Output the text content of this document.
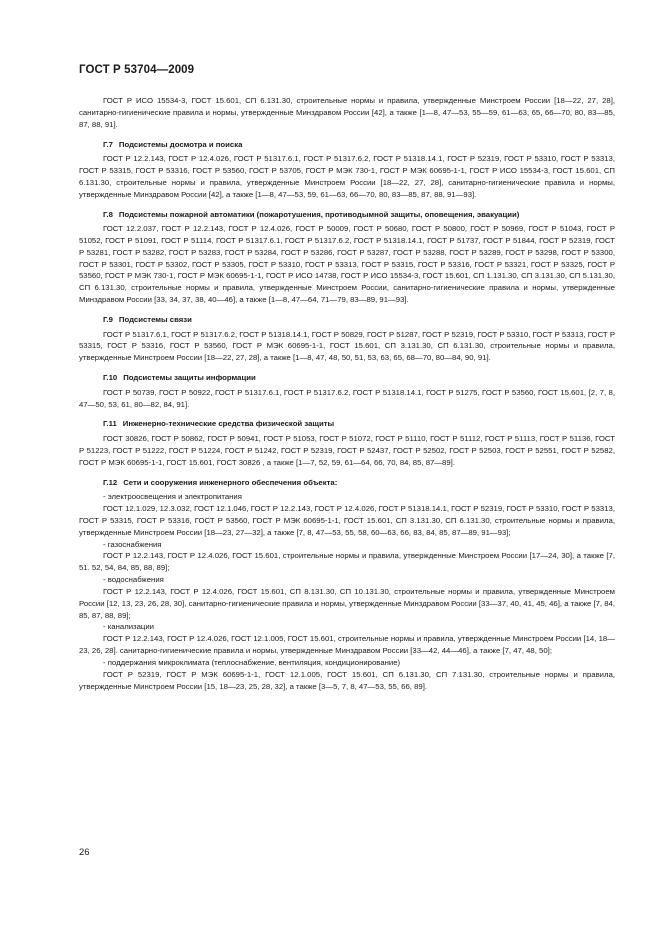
ГОСТ Р 53704—2009

ГОСТ Р ИСО 15534-3, ГОСТ 15.601, СП 6.131.30, строительные нормы и правила, утвержденные Минстроем России [18—22, 27, 28], санитарно-гигиенические правила и нормы, утвержденные Минздравом России [42], а также [1—8, 47—53, 55—59, 61—63, 65, 66—70, 80, 83—85, 87, 88, 91].

Г.7 Подсистемы досмотра и поиска

ГОСТ Р 12.2.143, ГОСТ Р 12.4.026, ГОСТ Р 51317.6.1, ГОСТ Р 51317.6.2, ГОСТ Р 51318.14.1, ГОСТ Р 52319, ГОСТ Р 53310, ГОСТ Р 53313, ГОСТ Р 53315, ГОСТ Р 53316, ГОСТ Р 53560, ГОСТ Р 53705, ГОСТ Р МЭК 730-1, ГОСТ Р МЭК 60695-1-1, ГОСТ Р ИСО 15534-3, ГОСТ 15.601, СП 6.131.30, строительные нормы и правила, утвержденные Минстроем России [18—22, 27, 28], санитарно-гигиенические правила и нормы, утвержденные Минздравом России [42], а также [1—8, 47—53, 59, 61—63, 66—70, 80, 83—85, 87, 88, 91—93].

Г.8 Подсистемы пожарной автоматики (пожаротушения, противодымной защиты, оповещения, эвакуации)

ГОСТ 12.2.037, ГОСТ Р 12.2.143, ГОСТ Р 12.4.026, ГОСТ Р 50009, ГОСТ Р 50680, ГОСТ Р 50800, ГОСТ Р 50969, ГОСТ Р 51043, ГОСТ Р 51052, ГОСТ Р 51091, ГОСТ Р 51114, ГОСТ Р 51317.6.1, ГОСТ Р 51317.6.2, ГОСТ Р 51318.14.1, ГОСТ Р 51737, ГОСТ Р 51844, ГОСТ Р 52319, ГОСТ Р 53281, ГОСТ Р 53282, ГОСТ Р 53283, ГОСТ Р 53284, ГОСТ Р 53286, ГОСТ Р 53287, ГОСТ Р 53288, ГОСТ Р 53289, ГОСТ Р 53298, ГОСТ Р 53300, ГОСТ Р 53301, ГОСТ Р 53302, ГОСТ Р 53305, ГОСТ Р 53310, ГОСТ Р 53313, ГОСТ Р 53315, ГОСТ Р 53316, ГОСТ Р 53321, ГОСТ Р 53325, ГОСТ Р 53560, ГОСТ Р МЭК 730-1, ГОСТ Р МЭК 60695-1-1, ГОСТ Р ИСО 14738, ГОСТ Р ИСО 15534-3, ГОСТ 15.601, СП 1.131.30, СП 3.131.30, СП 5.131.30, СП 6.131.30, строительные нормы и правила, утвержденные Минстроем России, санитарно-гигиенические правила и нормы, утвержденные Минздравом России [33, 34, 37, 38, 40—46], а также [1—8, 47—64, 71—79, 83—89, 91—93].

Г.9 Подсистемы связи

ГОСТ Р 51317.6.1, ГОСТ Р 51317.6.2, ГОСТ Р 51318.14.1, ГОСТ Р 50829, ГОСТ Р 51287, ГОСТ Р 52319, ГОСТ Р 53310, ГОСТ Р 53313, ГОСТ Р 53315, ГОСТ Р 53316, ГОСТ Р 53560, ГОСТ Р МЭК 60695-1-1, ГОСТ 15.601, СП 3.131.30, СП 6.131.30, строительные нормы и правила, утвержденные Минстроем России [18—22, 27, 28], а также [1—8, 47, 48, 50, 51, 53, 63, 65, 68—70, 80—84, 90, 91].

Г.10 Подсистемы защиты информации

ГОСТ Р 50739, ГОСТ Р 50922, ГОСТ Р 51317.6.1, ГОСТ Р 51317.6.2, ГОСТ Р 51318.14.1, ГОСТ Р 51275, ГОСТ Р 53560, ГОСТ 15.601, [2, 7, 8, 47—50, 53, 61, 80—82, 84, 91].

Г.11 Инженерно-технические средства физической защиты

ГОСТ 30826, ГОСТ Р 50862, ГОСТ Р 50941, ГОСТ Р 51053, ГОСТ Р 51072, ГОСТ Р 51110, ГОСТ Р 51112, ГОСТ Р 51113, ГОСТ Р 51136, ГОСТ Р 51223, ГОСТ Р 51222, ГОСТ Р 51224, ГОСТ Р 51242, ГОСТ Р 52319, ГОСТ Р 52437, ГОСТ Р 52502, ГОСТ Р 52503, ГОСТ Р 52551, ГОСТ Р 52582, ГОСТ Р МЭК 60695-1-1, ГОСТ 15.601, ГОСТ 30826 , а также [1—7, 52, 59, 61—64, 66, 70, 84, 85, 87—89].

Г.12 Сети и сооружения инженерного обеспечения объекта:

- электроосвещения и электропитания

ГОСТ 12.1.029, 12.3.032, ГОСТ 12.1.046, ГОСТ Р 12.2.143, ГОСТ Р 12.4.026, ГОСТ Р 51318.14.1, ГОСТ Р 52319, ГОСТ Р 53310, ГОСТ Р 53313, ГОСТ Р 53315, ГОСТ Р 53316, ГОСТ Р 53560, ГОСТ Р МЭК 60695-1-1, ГОСТ 15.601, СП 3.131.30, СП 6.131.30, строительные нормы и правила, утвержденные Минстроем России [18—23, 27—32], а также [7, 8, 47—53, 55, 58, 60—63, 66, 83, 84, 85, 87—89, 91—93];

- газоснабжения

ГОСТ Р 12.2.143, ГОСТ Р 12.4.026, ГОСТ 15.601, строительные нормы и правила, утвержденные Минстроем России [17—24, 30], а также [7, 51. 52, 54, 84, 85, 88, 89];

- водоснабжения

ГОСТ Р 12.2.143, ГОСТ Р 12.4.026, ГОСТ 15.601, СП 8.131.30, СП 10.131.30, строительные нормы и правила, утвержденные Минстроем России [12, 13, 23, 26, 28, 30], санитарно-гигиенические правила и нормы, утвержденные Минздравом России [33—37, 40, 41, 45, 46], а также [7, 84, 85, 87, 88, 89];

- канализации

ГОСТ Р 12.2.143, ГОСТ Р 12.4.026, ГОСТ 12.1.005, ГОСТ 15.601, строительные нормы и правила, утвержденные Минстроем России [14, 18—23, 26, 28]. санитарно-гигиенические правила и нормы, утвержденные Минздравом России [33—42, 44—46], а также [7, 47, 48, 50];

- поддержания микроклимата (теплоснабжение, вентиляция, кондиционирование)

ГОСТ Р 52319, ГОСТ Р МЭК 60695-1-1, ГОСТ 12.1.005, ГОСТ 15.601, СП 6.131.30, СП 7.131.30, строительные нормы и правила, утвержденные Минстроем России [15, 18—23, 25, 28, 32], а также [3—5, 7, 8, 47—53, 55, 66, 89].

26
